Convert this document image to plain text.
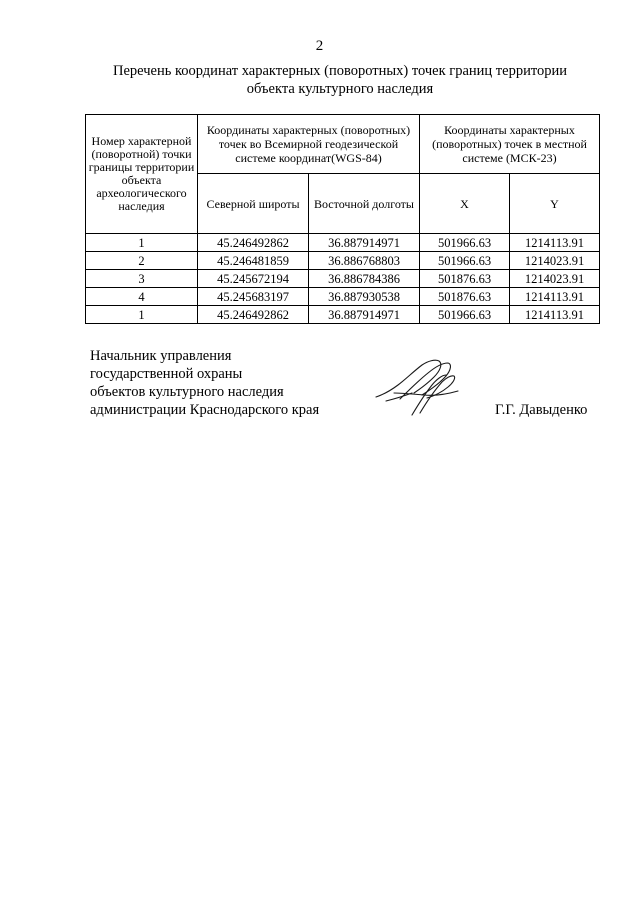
2
Перечень координат характерных (поворотных) точек границ территории
объекта культурного наследия
Номер характерной (поворотной) точки границы территории объекта археологического наследия	Координаты характерных (поворотных) точек во Всемирной геодезической системе координат(WGS-84)		Координаты характерных (поворотных) точек в местной системе (МСК-23)	
	Северной широты	Восточной долготы	X	Y
1	45.246492862	36.887914971	501966.63	1214113.91
2	45.246481859	36.886768803	501966.63	1214023.91
3	45.245672194	36.886784386	501876.63	1214023.91
4	45.245683197	36.887930538	501876.63	1214113.91
1	45.246492862	36.887914971	501966.63	1214113.91
Начальник управления
государственной охраны
объектов культурного наследия
администрации Краснодарского края	Г.Г. Давыденко
